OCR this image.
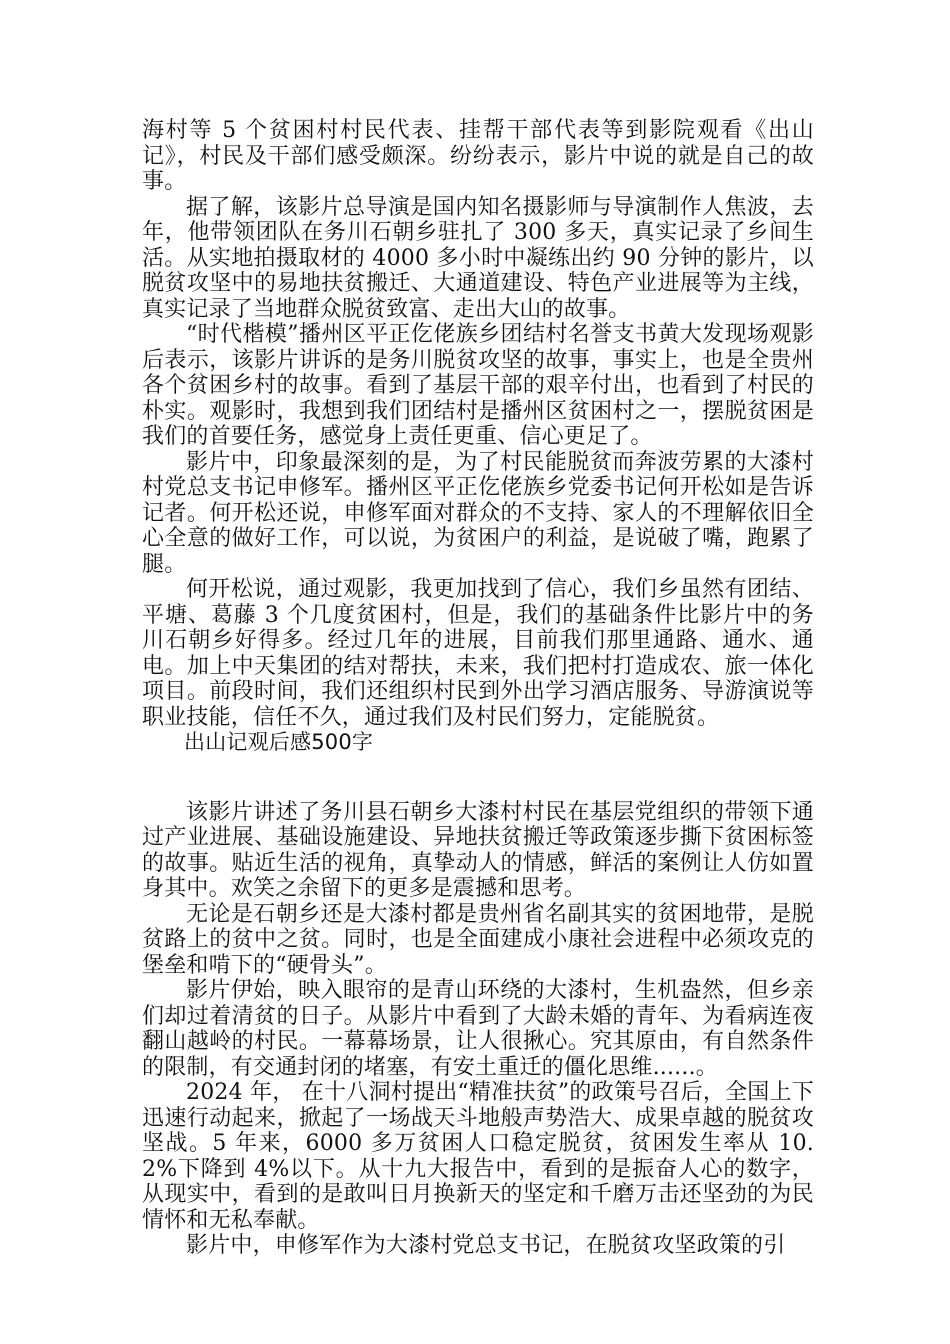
海村等 5 个贫困村村民代表、挂帮干部代表等到影院观看《出山记》，村民及干部们感受颇深。纷纷表示，影片中说的就是自己的故事。

据了解，该影片总导演是国内知名摄影师与导演制作人焦波，去年，他带领团队在务川石朝乡驻扎了 300 多天，真实记录了乡间生活。从实地拍摄取材的 4000 多小时中凝练出约 90 分钟的影片，以脱贫攻坚中的易地扶贫搬迁、大通道建设、特色产业进展等为主线，真实记录了当地群众脱贫致富、走出大山的故事。

“时代楷模”播州区平正仡佬族乡团结村名誉支书黄大发现场观影后表示，该影片讲诉的是务川脱贫攻坚的故事，事实上，也是全贵州各个贫困乡村的故事。看到了基层干部的艰辛付出，也看到了村民的朴实。观影时，我想到我们团结村是播州区贫困村之一，摆脱贫困是我们的首要任务，感觉身上责任更重、信心更足了。

影片中，印象最深刻的是，为了村民能脱贫而奔波劳累的大漆村村党总支书记申修军。播州区平正仡佬族乡党委书记何开松如是告诉记者。何开松还说，申修军面对群众的不支持、家人的不理解依旧全心全意的做好工作，可以说，为贫困户的利益，是说破了嘴，跑累了腿。

何开松说，通过观影，我更加找到了信心，我们乡虽然有团结、平塘、葛藤 3 个几度贫困村，但是，我们的基础条件比影片中的务川石朝乡好得多。经过几年的进展，目前我们那里通路、通水、通电。加上中天集团的结对帮扶，未来，我们把村打造成农、旅一体化项目。前段时间，我们还组织村民到外出学习酒店服务、导游演说等职业技能，信任不久，通过我们及村民们努力，定能脱贫。

出山记观后感500字

该影片讲述了务川县石朝乡大漆村村民在基层党组织的带领下通过产业进展、基础设施建设、异地扶贫搬迁等政策逐步撕下贫困标签的故事。贴近生活的视角，真挚动人的情感，鲜活的案例让人仿如置身其中。欢笑之余留下的更多是震撼和思考。

无论是石朝乡还是大漆村都是贵州省名副其实的贫困地带，是脱贫路上的贫中之贫。同时，也是全面建成小康社会进程中必须攻克的堡垒和啃下的“硬骨头”。

影片伊始，映入眼帘的是青山环绕的大漆村，生机盎然，但乡亲们却过着清贫的日子。从影片中看到了大龄未婚的青年、为看病连夜翻山越岭的村民。一幕幕场景，让人很揪心。究其原由，有自然条件的限制，有交通封闭的堵塞，有安土重迁的僵化思维......。

2024 年， 在十八洞村提出“精准扶贫”的政策号召后，全国上下迅速行动起来，掀起了一场战天斗地般声势浩大、成果卓越的脱贫攻坚战。5 年来，6000 多万贫困人口稳定脱贫，贫困发生率从 10.2%下降到 4%以下。从十九大报告中，看到的是振奋人心的数字，从现实中，看到的是敢叫日月换新天的坚定和千磨万击还坚劲的为民情怀和无私奉献。

影片中，申修军作为大漆村党总支书记，在脱贫攻坚政策的引
